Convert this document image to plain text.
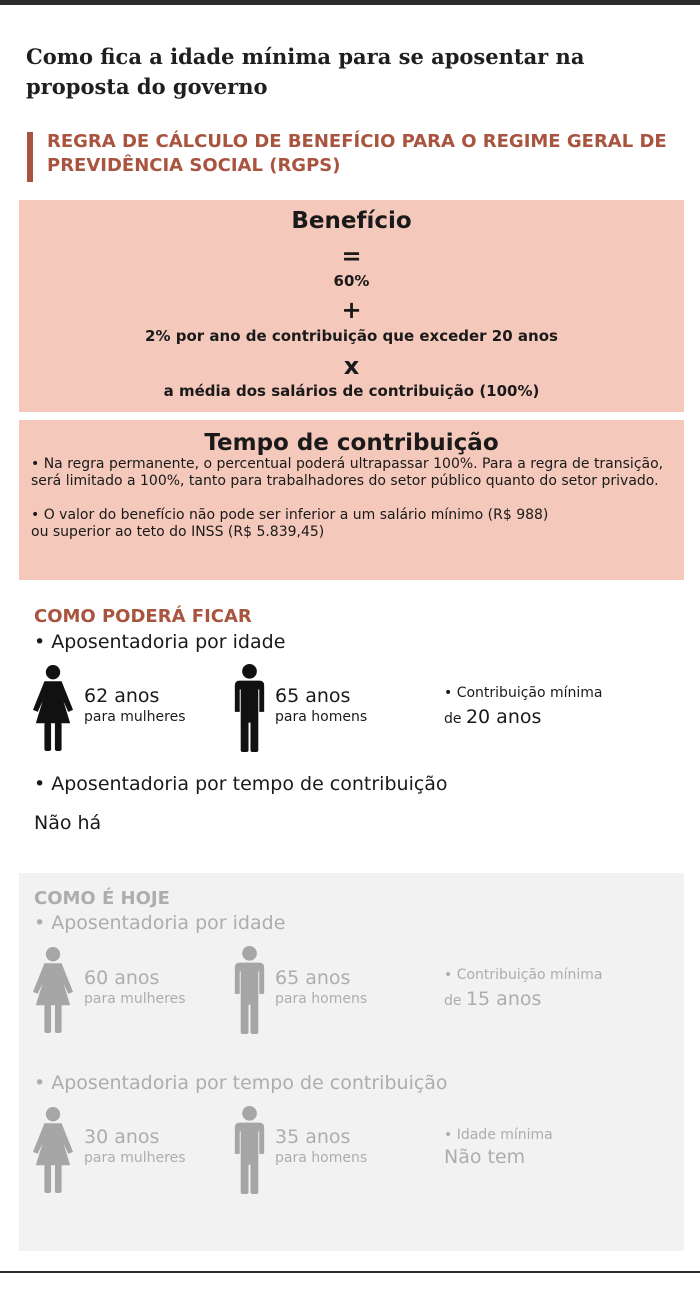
Como fica a idade mínima para se aposentar na proposta do governo
REGRA DE CÁLCULO DE BENEFÍCIO PARA O REGIME GERAL DE PREVIDÊNCIA SOCIAL (RGPS)
Benefício
=
60%
+
2% por ano de contribuição que exceder 20 anos
x
a média dos salários de contribuição (100%)
Tempo de contribuição

• Na regra permanente, o percentual poderá ultrapassar 100%. Para a regra de transição, será limitado a 100%, tanto para trabalhadores do setor público quanto do setor privado.

• O valor do benefício não pode ser inferior a um salário mínimo (R$ 988)

ou superior ao teto do INSS (R$ 5.839,45)

COMO PODERÁ FICAR
• Aposentadoria por idade
62 anos
para mulheres
65 anos
para homens
• Contribuição mínima
de 20 anos
• Aposentadoria por tempo de contribuição
Não há
COMO É HOJE
• Aposentadoria por idade
60 anos
para mulheres
65 anos
para homens
• Contribuição mínima
de 15 anos
• Aposentadoria por tempo de contribuição
30 anos
para mulheres
35 anos
para homens
• Idade mínima
Não tem
